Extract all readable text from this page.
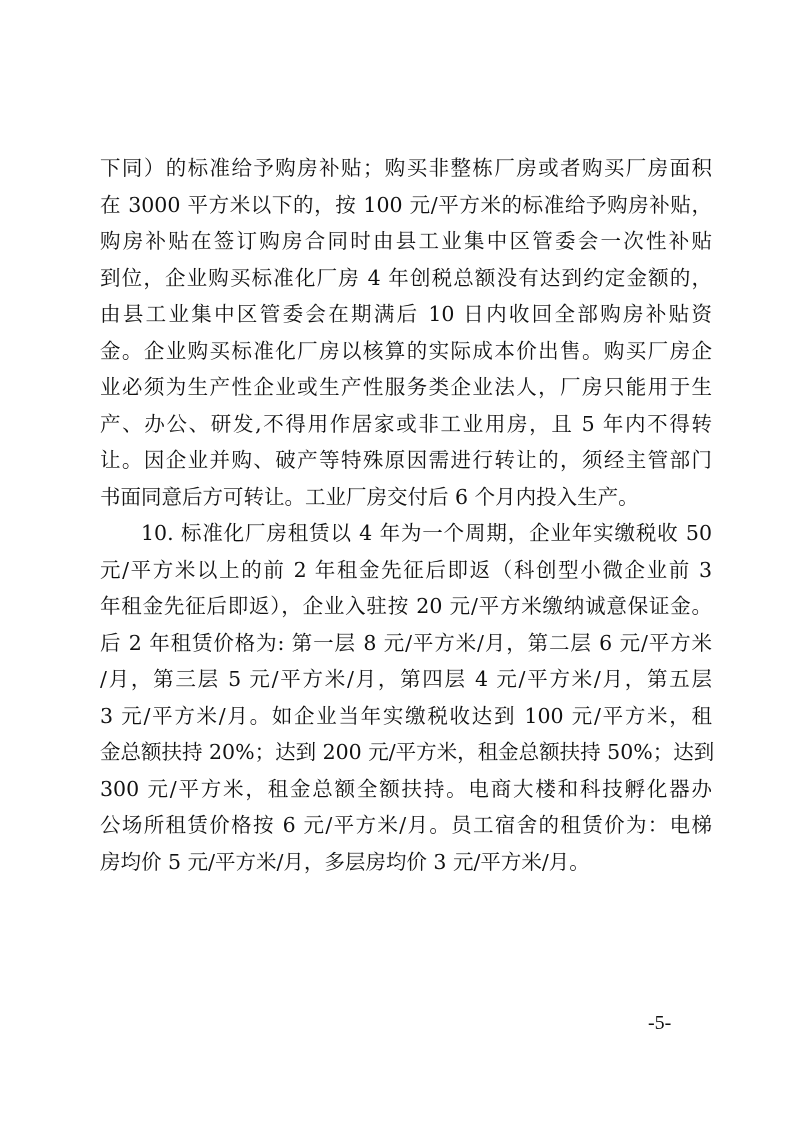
下同）的标准给予购房补贴；购买非整栋厂房或者购买厂房面积
在 3000 平方米以下的，按 100 元/平方米的标准给予购房补贴，
购房补贴在签订购房合同时由县工业集中区管委会一次性补贴
到位，企业购买标准化厂房 4 年创税总额没有达到约定金额的，
由县工业集中区管委会在期满后 10 日内收回全部购房补贴资
金。企业购买标准化厂房以核算的实际成本价出售。购买厂房企
业必须为生产性企业或生产性服务类企业法人，厂房只能用于生
产、办公、研发,不得用作居家或非工业用房，且 5 年内不得转
让。因企业并购、破产等特殊原因需进行转让的，须经主管部门
书面同意后方可转让。工业厂房交付后 6 个月内投入生产。
10. 标准化厂房租赁以 4 年为一个周期，企业年实缴税收 50
元/平方米以上的前 2 年租金先征后即返（科创型小微企业前 3
年租金先征后即返），企业入驻按 20 元/平方米缴纳诚意保证金。
后 2 年租赁价格为: 第一层 8 元/平方米/月，第二层 6 元/平方米
/月，第三层 5 元/平方米/月，第四层 4 元/平方米/月，第五层
3 元/平方米/月。如企业当年实缴税收达到 100 元/平方米，租
金总额扶持 20%；达到 200 元/平方米，租金总额扶持 50%；达到
300 元/平方米，租金总额全额扶持。电商大楼和科技孵化器办
公场所租赁价格按 6 元/平方米/月。员工宿舍的租赁价为：电梯
房均价 5 元/平方米/月，多层房均价 3 元/平方米/月。
-5-
